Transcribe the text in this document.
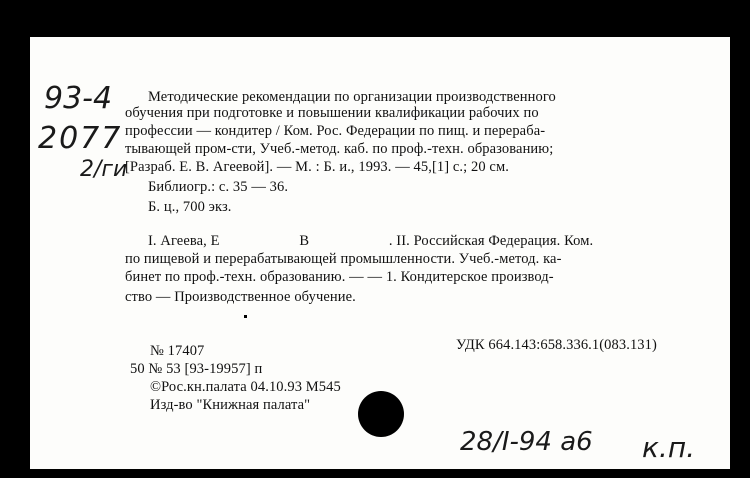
93-4
2077
2/ги
Методические рекомендации по организации производственного
обучения при подготовке и повышении квалификации рабочих по
профессии — кондитер / Ком. Рос. Федерации по пищ. и перераба-
тывающей пром-сти, Учеб.-метод. каб. по проф.-техн. образованию;
[Разраб. Е. В. Агеевой]. — М. : Б. и., 1993. — 45,[1] с.; 20 см.
Библиогр.: с. 35 — 36.
Б. ц., 700 экз.
I. Агеева, Е	В	. II. Российская Федерация. Ком.
по пищевой и перерабатывающей промышленности. Учеб.-метод. ка-
бинет по проф.-техн. образованию. — — 1. Кондитерское производ-
ство — Производственное обучение.
№ 17407	УДК 664.143:658.336.1(083.131)
50 № 53 [93-19957] п
©Рос.кн.палата 04.10.93 M545
Изд-во "Книжная палата"
28/I-94 а6 к.п.
